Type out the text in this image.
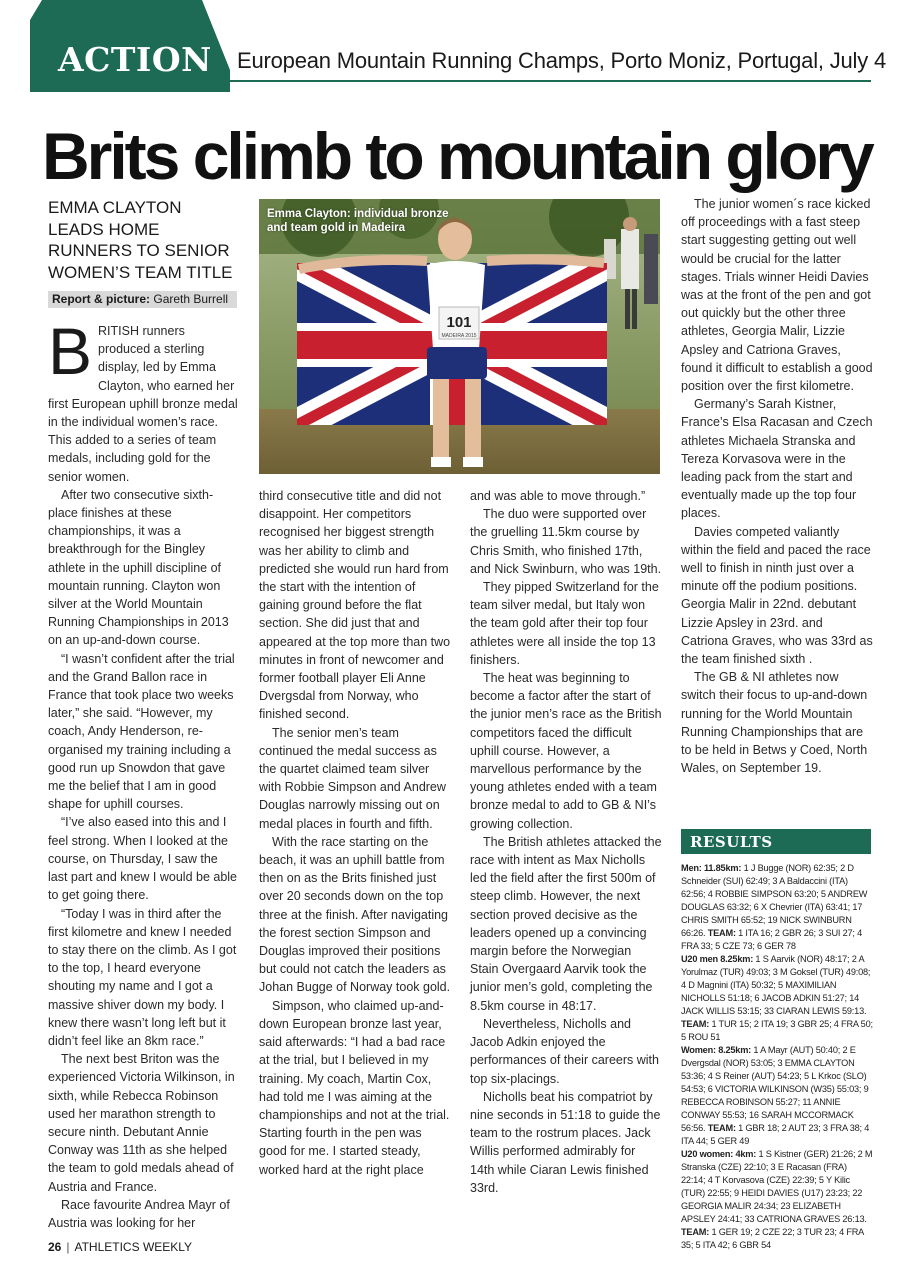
ACTION European Mountain Running Champs, Porto Moniz, Portugal, July 4
Brits climb to mountain glory
EMMA CLAYTON LEADS HOME RUNNERS TO SENIOR WOMEN’S TEAM TITLE
Report & picture: Gareth Burrell
101
MADEIRA 2015
Emma Clayton: individual bronze and team gold in Madeira

BRITISH runners produced a sterling display, led by Emma Clayton, who earned her first European uphill bronze medal in the individual women’s race. This added to a series of team medals, including gold for the senior women.

After two consecutive sixth-place finishes at these championships, it was a breakthrough for the Bingley athlete in the uphill discipline of mountain running. Clayton won silver at the World Mountain Running Championships in 2013 on an up-and-down course.

“I wasn’t confident after the trial and the Grand Ballon race in France that took place two weeks later,” she said. “However, my coach, Andy Henderson, re-organised my training including a good run up Snowdon that gave me the belief that I am in good shape for uphill courses.

“I’ve also eased into this and I feel strong. When I looked at the course, on Thursday, I saw the last part and knew I would be able to get going there.

“Today I was in third after the first kilometre and knew I needed to stay there on the climb. As I got to the top, I heard everyone shouting my name and I got a massive shiver down my body. I knew there wasn’t long left but it didn’t feel like an 8km race.”

The next best Briton was the experienced Victoria Wilkinson, in sixth, while Rebecca Robinson used her marathon strength to secure ninth. Debutant Annie Conway was 11th as she helped the team to gold medals ahead of Austria and France.

Race favourite Andrea Mayr of Austria was looking for her

third consecutive title and did not disappoint. Her competitors recognised her biggest strength was her ability to climb and predicted she would run hard from the start with the intention of gaining ground before the flat section. She did just that and appeared at the top more than two minutes in front of newcomer and former football player Eli Anne Dvergsdal from Norway, who finished second.

The senior men’s team continued the medal success as the quartet claimed team silver with Robbie Simpson and Andrew Douglas narrowly missing out on medal places in fourth and fifth.

With the race starting on the beach, it was an uphill battle from then on as the Brits finished just over 20 seconds down on the top three at the finish. After navigating the forest section Simpson and Douglas improved their positions but could not catch the leaders as Johan Bugge of Norway took gold.

Simpson, who claimed up-and-down European bronze last year, said afterwards: “I had a bad race at the trial, but I believed in my training. My coach, Martin Cox, had told me I was aiming at the championships and not at the trial. Starting fourth in the pen was good for me. I started steady, worked hard at the right place

and was able to move through.”

The duo were supported over the gruelling 11.5km course by Chris Smith, who finished 17th, and Nick Swinburn, who was 19th.

They pipped Switzerland for the team silver medal, but Italy won the team gold after their top four athletes were all inside the top 13 finishers.

The heat was beginning to become a factor after the start of the junior men’s race as the British competitors faced the difficult uphill course. However, a marvellous performance by the young athletes ended with a team bronze medal to add to GB & NI’s growing collection.

The British athletes attacked the race with intent as Max Nicholls led the field after the first 500m of steep climb. However, the next section proved decisive as the leaders opened up a convincing margin before the Norwegian Stain Overgaard Aarvik took the junior men’s gold, completing the 8.5km course in 48:17.

Nevertheless, Nicholls and Jacob Adkin enjoyed the performances of their careers with top six-placings.

Nicholls beat his compatriot by nine seconds in 51:18 to guide the team to the rostrum places. Jack Willis performed admirably for 14th while Ciaran Lewis finished 33rd.

The junior women´s race kicked off proceedings with a fast steep start suggesting getting out well would be crucial for the latter stages. Trials winner Heidi Davies was at the front of the pen and got out quickly but the other three athletes, Georgia Malir, Lizzie Apsley and Catriona Graves, found it difficult to establish a good position over the first kilometre.

Germany’s Sarah Kistner, France’s Elsa Racasan and Czech athletes Michaela Stranska and Tereza Korvasova were in the leading pack from the start and eventually made up the top four places.

Davies competed valiantly within the field and paced the race well to finish in ninth just over a minute off the podium positions. Georgia Malir in 22nd. debutant Lizzie Apsley in 23rd. and Catriona Graves, who was 33rd as the team finished sixth .

The GB & NI athletes now switch their focus to up-and-down running for the World Mountain Running Championships that are to be held in Betws y Coed, North Wales, on September 19.

RESULTS

Men: 11.85km: 1 J Bugge (NOR) 62:35; 2 D Schneider (SUI) 62:49; 3 A Baldaccini (ITA) 62:56; 4 ROBBIE SIMPSON 63:20; 5 ANDREW DOUGLAS 63:32; 6 X Chevrier (ITA) 63:41; 17 CHRIS SMITH 65:52; 19 NICK SWINBURN 66:26. TEAM: 1 ITA 16; 2 GBR 26; 3 SUI 27; 4 FRA 33; 5 CZE 73; 6 GER 78

U20 men 8.25km: 1 S Aarvik (NOR) 48:17; 2 A Yorulmaz (TUR) 49:03; 3 M Goksel (TUR) 49:08; 4 D Magnini (ITA) 50:32; 5 MAXIMILIAN NICHOLLS 51:18; 6 JACOB ADKIN 51:27; 14 JACK WILLIS 53:15; 33 CIARAN LEWIS 59:13. TEAM: 1 TUR 15; 2 ITA 19; 3 GBR 25; 4 FRA 50; 5 ROU 51

Women: 8.25km: 1 A Mayr (AUT) 50:40; 2 E Dvergsdal (NOR) 53:05; 3 EMMA CLAYTON 53:36; 4 S Reiner (AUT) 54:23; 5 L Krkoc (SLO) 54:53; 6 VICTORIA WILKINSON (W35) 55:03; 9 REBECCA ROBINSON 55:27; 11 ANNIE CONWAY 55:53; 16 SARAH MCCORMACK 56:56. TEAM: 1 GBR 18; 2 AUT 23; 3 FRA 38; 4 ITA 44; 5 GER 49

U20 women: 4km: 1 S Kistner (GER) 21:26; 2 M Stranska (CZE) 22:10; 3 E Racasan (FRA) 22:14; 4 T Korvasova (CZE) 22:39; 5 Y Kilic (TUR) 22:55; 9 HEIDI DAVIES (U17) 23:23; 22 GEORGIA MALIR 24:34; 23 ELIZABETH APSLEY 24:41; 33 CATRIONA GRAVES 26:13. TEAM: 1 GER 19; 2 CZE 22; 3 TUR 23; 4 FRA 35; 5 ITA 42; 6 GBR 54

26 | ATHLETICS WEEKLY
